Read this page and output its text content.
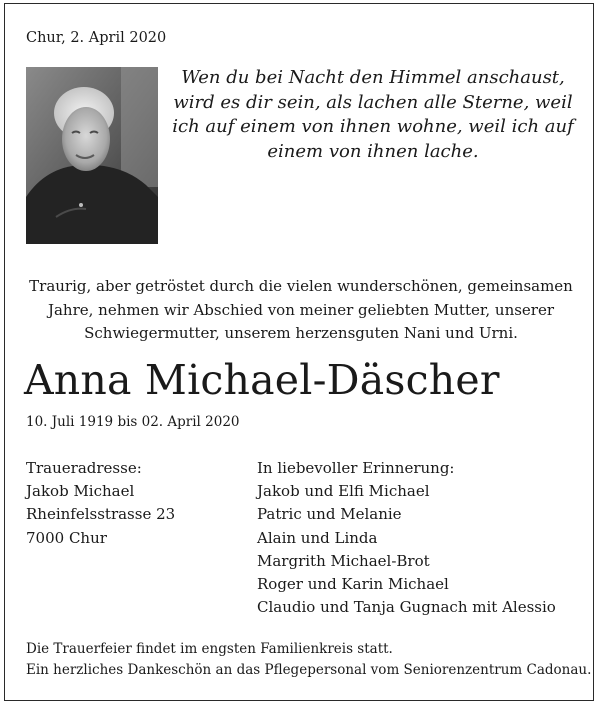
Chur, 2. April 2020
Wen du bei Nacht den Himmel anschaust,
wird es dir sein, als lachen alle Sterne, weil
ich auf einem von ihnen wohne, weil ich auf
einem von ihnen lache.
Traurig, aber getröstet durch die vielen wunderschönen, gemeinsamen
Jahre, nehmen wir Abschied von meiner geliebten Mutter, unserer
Schwiegermutter, unserem herzensguten Nani und Urni.
Anna Michael-Däscher
10. Juli 1919 bis 02. April 2020
Traueradresse:
Jakob Michael
Rheinfelsstrasse 23
7000 Chur
In liebevoller Erinnerung:
Jakob und Elfi Michael
Patric und Melanie
Alain und Linda
Margrith Michael-Brot
Roger und Karin Michael
Claudio und Tanja Gugnach mit Alessio
Die Trauerfeier findet im engsten Familienkreis statt.
Ein herzliches Dankeschön an das Pflegepersonal vom Seniorenzentrum Cadonau.
